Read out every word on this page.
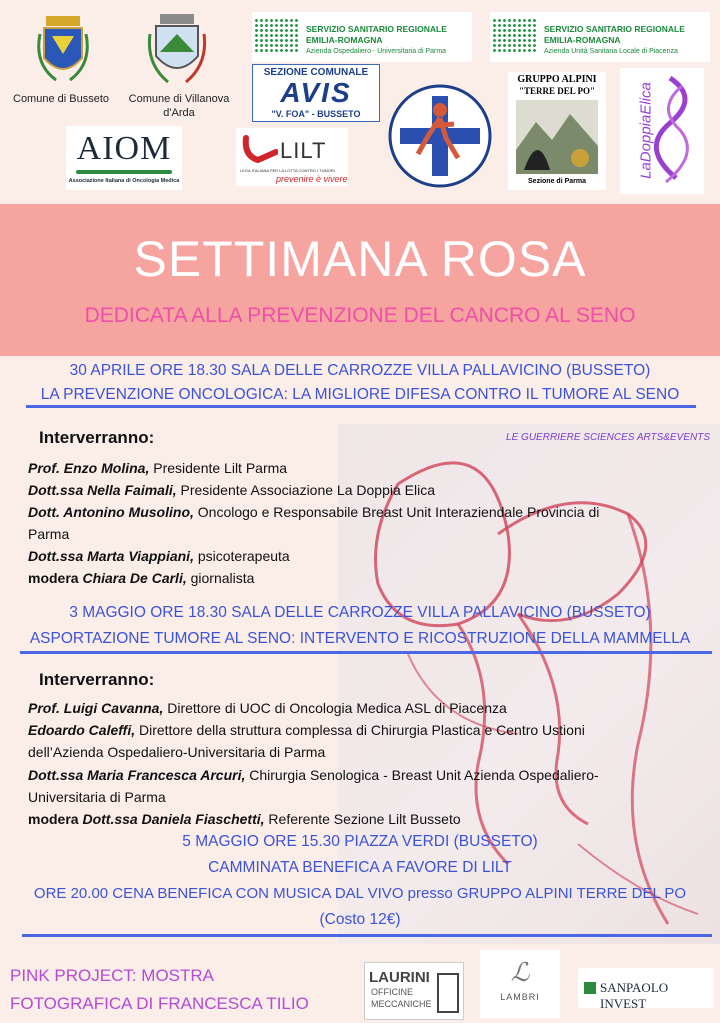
Comune di Busseto	Comune di Villanova d'Arda
SERVIZIO SANITARIO REGIONALE
EMILIA-ROMAGNA
Azienda Ospedaliero - Universitaria di Parma
SERVIZIO SANITARIO REGIONALE
EMILIA-ROMAGNA
Azienda Unità Sanitaria Locale di Piacenza
SEZIONE COMUNALE
AVIS
"V. FOA" - BUSSETO
GRUPPO ALPINI
"TERRE DEL PO"
Sezione di Parma
LaDoppiaElica
AIOM
Associazione Italiana di Oncologia Medica
LILT
LEGA ITALIANA PER LA LOTTA CONTRO I TUMORI
prevenire è vivere
SETTIMANA ROSA
DEDICATA ALLA PREVENZIONE DEL CANCRO AL SENO
30 APRILE ORE 18.30 SALA DELLE CARROZZE VILLA PALLAVICINO (BUSSETO)
LA PREVENZIONE ONCOLOGICA: LA MIGLIORE DIFESA CONTRO IL TUMORE AL SENO
Interverranno:	LE GUERRIERE SCIENCES ARTS&EVENTS
Prof. Enzo Molina, Presidente Lilt Parma
Dott.ssa Nella Faimali, Presidente Associazione La Doppia Elica
Dott. Antonino Musolino, Oncologo e Responsabile Breast Unit Interaziendale Provincia di
Parma
Dott.ssa Marta Viappiani, psicoterapeuta
modera Chiara De Carli, giornalista
3 MAGGIO ORE 18.30 SALA DELLE CARROZZE VILLA PALLAVICINO (BUSSETO)
ASPORTAZIONE TUMORE AL SENO: INTERVENTO E RICOSTRUZIONE DELLA MAMMELLA
Interverranno:
Prof. Luigi Cavanna, Direttore di UOC di Oncologia Medica ASL di Piacenza
Edoardo Caleffi, Direttore della struttura complessa di Chirurgia Plastica e Centro Ustioni
dell’Azienda Ospedaliero-Universitaria di Parma
Dott.ssa Maria Francesca Arcuri, Chirurgia Senologica - Breast Unit Azienda Ospedaliero-
Universitaria di Parma
modera Dott.ssa Daniela Fiaschetti, Referente Sezione Lilt Busseto
5 MAGGIO ORE 15.30 PIAZZA VERDI (BUSSETO)
CAMMINATA BENEFICA A FAVORE DI LILT
ORE 20.00 CENA BENEFICA CON MUSICA DAL VIVO presso GRUPPO ALPINI TERRE DEL PO
(Costo 12€)
PINK PROJECT: MOSTRA
FOTOGRAFICA DI FRANCESCA TILIO
LAURINI
OFFICINE
MECCANICHE
ℒ
LAMBRI
SANPAOLO INVEST
